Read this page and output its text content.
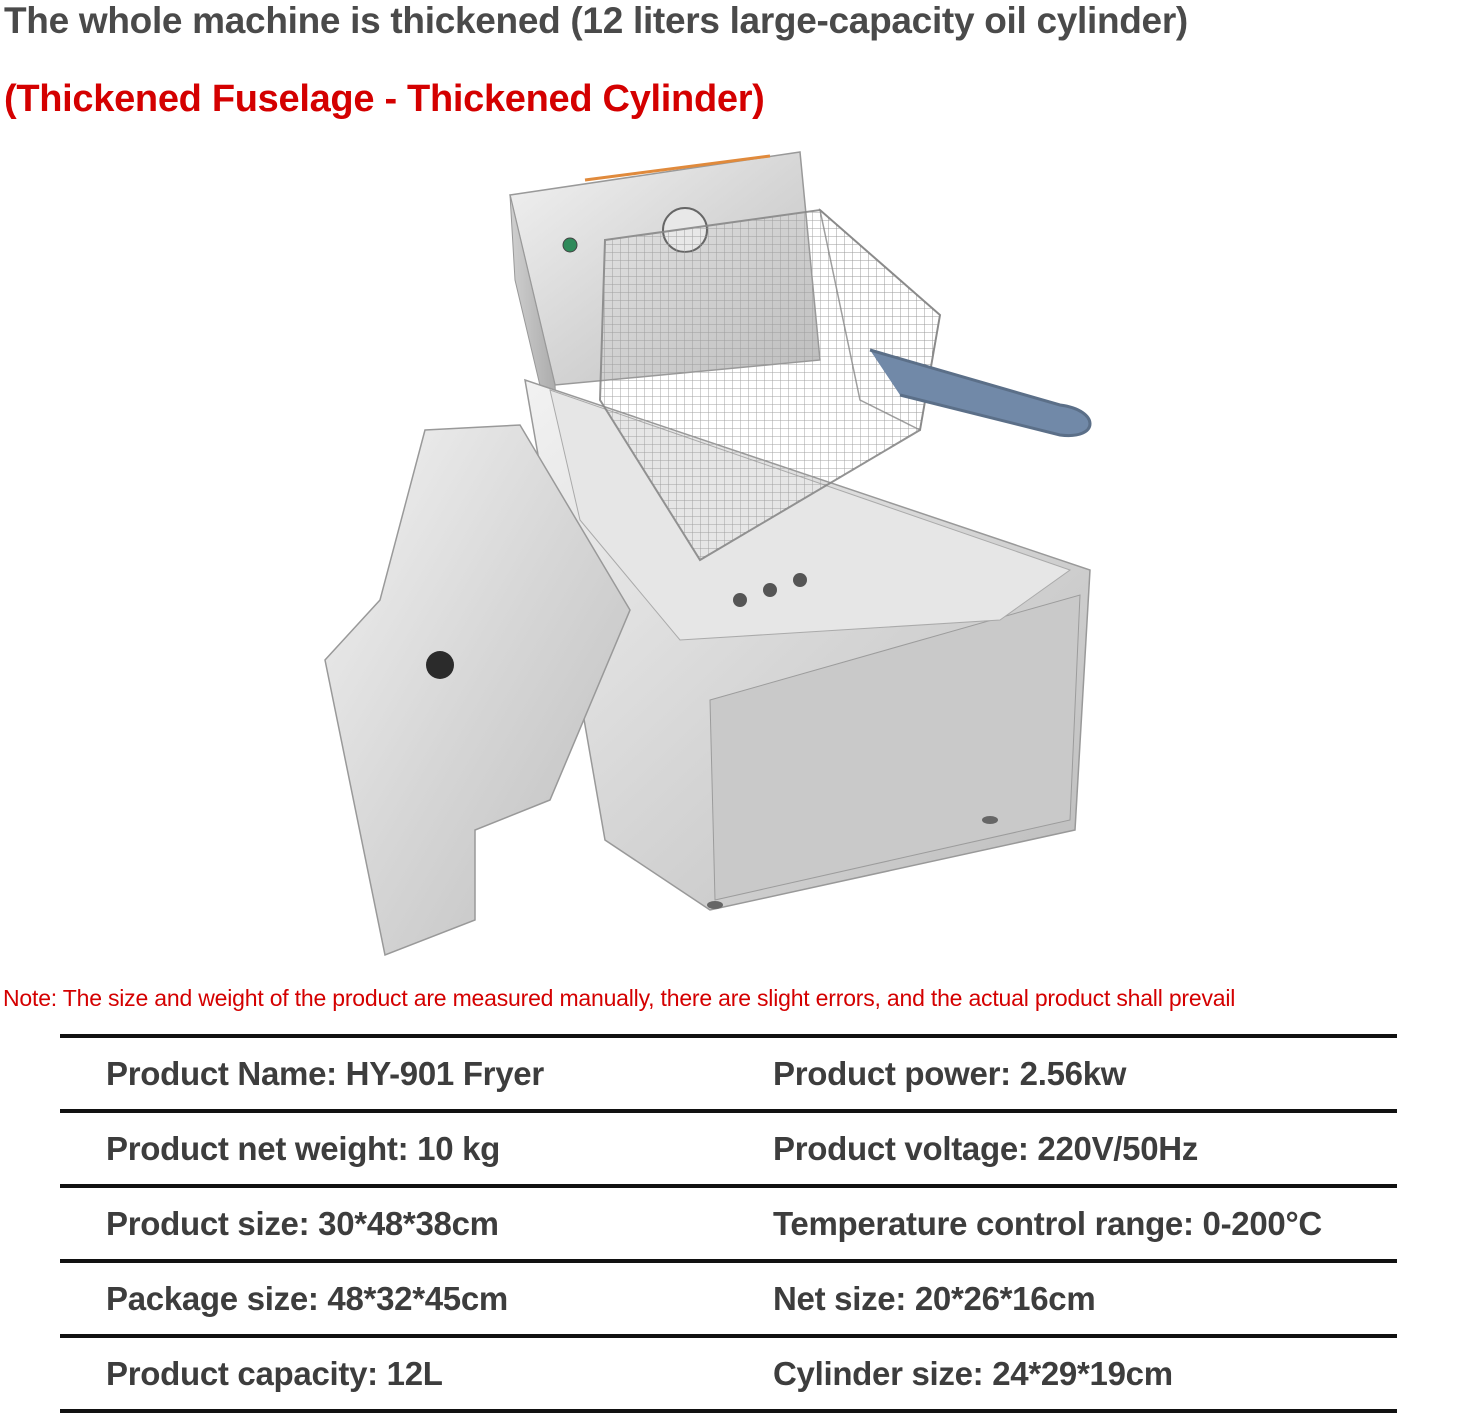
The whole machine is thickened (12 liters large-capacity oil cylinder)
(Thickened Fuselage - Thickened Cylinder)
Note: The size and weight of the product are measured manually, there are slight errors, and the actual product shall prevail
Product Name: HY-901 Fryer	Product power: 2.56kw
Product net weight: 10 kg	Product voltage: 220V/50Hz
Product size: 30*48*38cm	Temperature control range: 0-200°C
Package size: 48*32*45cm	Net size: 20*26*16cm
Product capacity: 12L	Cylinder size: 24*29*19cm
